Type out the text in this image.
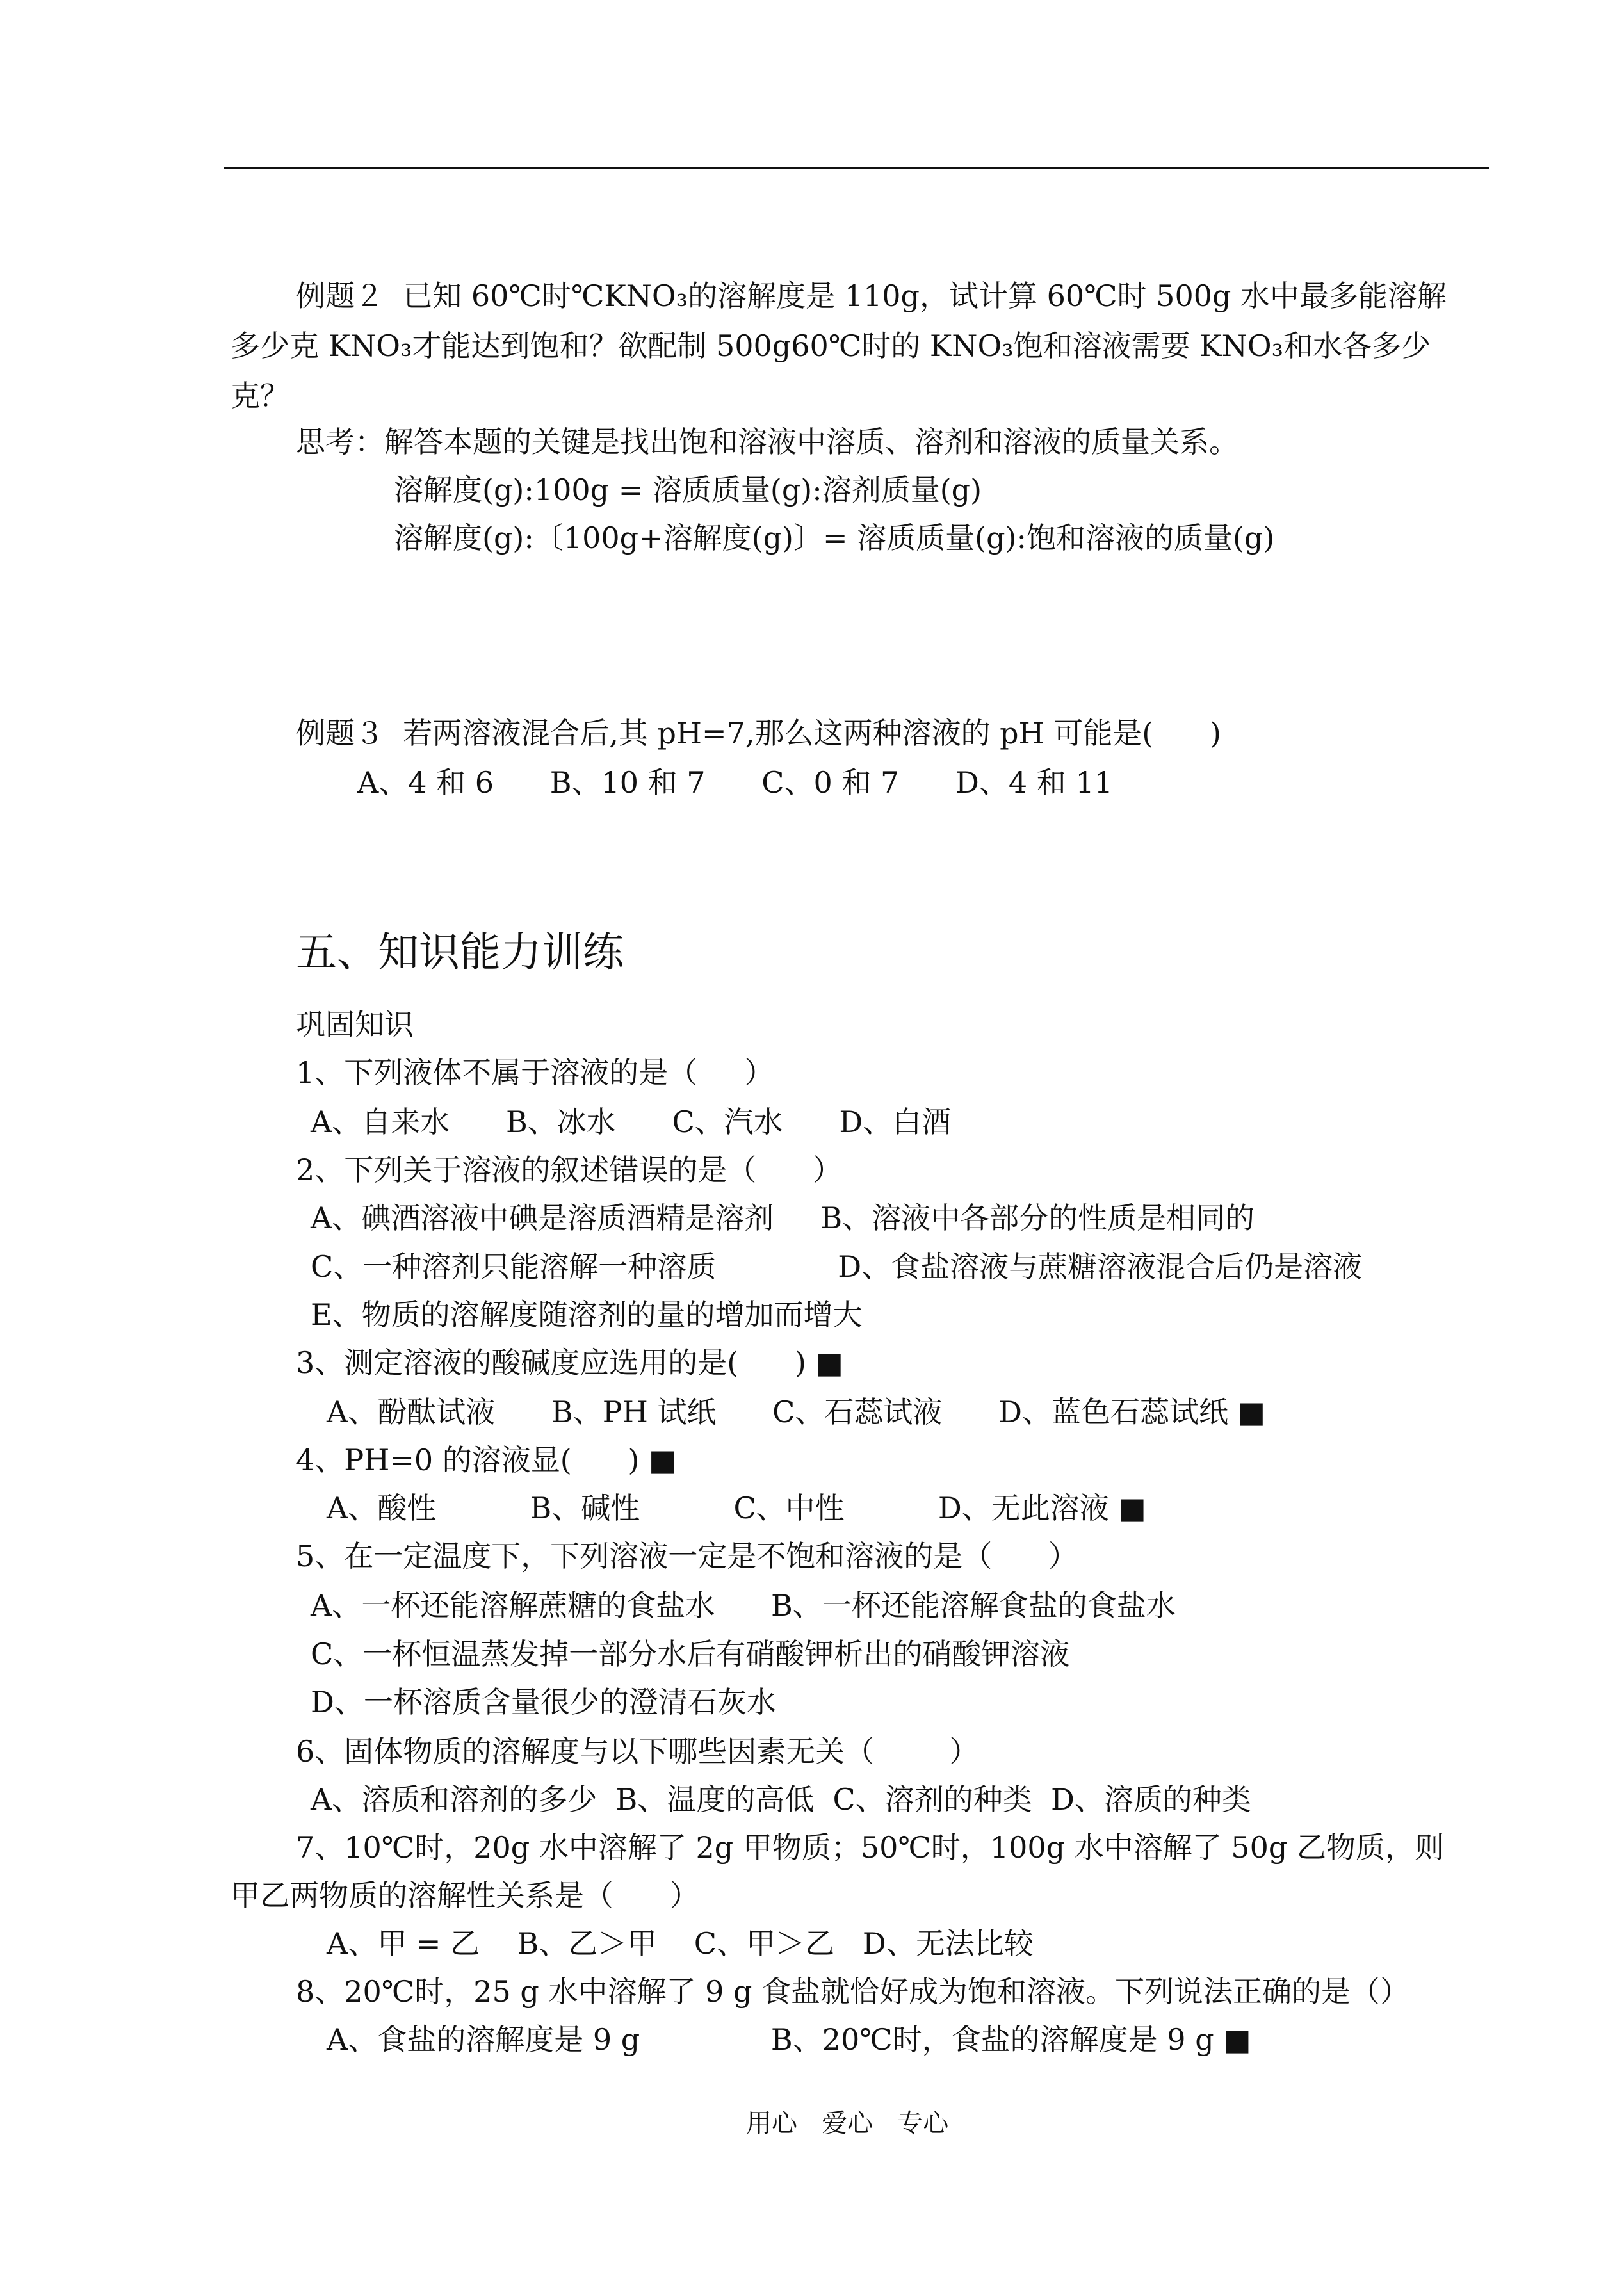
例题２  已知 60℃时℃KNO₃的溶解度是 110g，试计算 60℃时 500g 水中最多能溶解
多少克 KNO₃才能达到饱和？欲配制 500g60℃时的 KNO₃饱和溶液需要 KNO₃和水各多少
克？
思考：解答本题的关键是找出饱和溶液中溶质、溶剂和溶液的质量关系。
溶解度(g):100g = 溶质质量(g):溶剂质量(g)
溶解度(g):〔100g+溶解度(g)〕= 溶质质量(g):饱和溶液的质量(g)
例题３  若两溶液混合后,其 pH=7,那么这两种溶液的 pH 可能是(      )
A、4 和 6      B、10 和 7      C、0 和 7      D、4 和 11
五、知识能力训练
巩固知识
1、下列液体不属于溶液的是（     ）
A、自来水      B、冰水      C、汽水      D、白酒
2、下列关于溶液的叙述错误的是（      ）
A、碘酒溶液中碘是溶质酒精是溶剂     B、溶液中各部分的性质是相同的
C、一种溶剂只能溶解一种溶质             D、食盐溶液与蔗糖溶液混合后仍是溶液
E、物质的溶解度随溶剂的量的增加而增大
3、测定溶液的酸碱度应选用的是(      ) ■
A、酚酞试液      B、PH 试纸      C、石蕊试液      D、蓝色石蕊试纸 ■
4、PH=0 的溶液显(      ) ■
A、酸性          B、碱性          C、中性          D、无此溶液 ■
5、在一定温度下，下列溶液一定是不饱和溶液的是（      ）
A、一杯还能溶解蔗糖的食盐水      B、一杯还能溶解食盐的食盐水
C、一杯恒温蒸发掉一部分水后有硝酸钾析出的硝酸钾溶液
D、一杯溶质含量很少的澄清石灰水
6、固体物质的溶解度与以下哪些因素无关（        ）
A、溶质和溶剂的多少  B、温度的高低  C、溶剂的种类  D、溶质的种类
7、10℃时，20g 水中溶解了 2g 甲物质；50℃时，100g 水中溶解了 50g 乙物质，则
甲乙两物质的溶解性关系是（      ）
A、甲 = 乙    B、乙＞甲    C、甲＞乙   D、无法比较
8、20℃时，25 g 水中溶解了 9 g 食盐就恰好成为饱和溶液。下列说法正确的是（）
A、食盐的溶解度是 9 g              B、20℃时，食盐的溶解度是 9 g ■
用心   爱心   专心
